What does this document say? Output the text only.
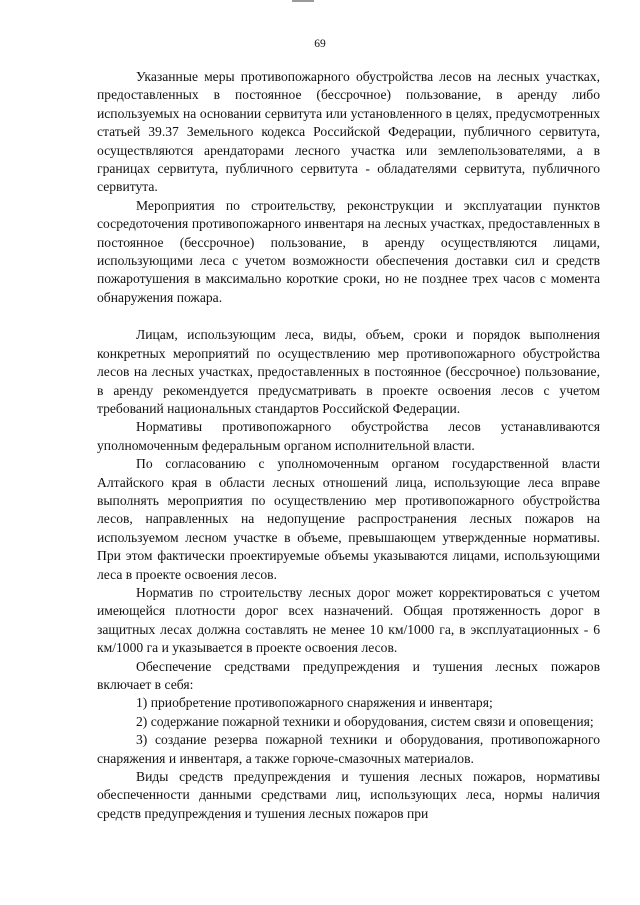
69

Указанные меры противопожарного обустройства лесов на лесных участках, предоставленных в постоянное (бессрочное) пользование, в аренду либо используемых на основании сервитута или установленного в целях, предусмотренных статьей 39.37 Земельного кодекса Российской Федерации, публичного сервитута, осуществляются арендаторами лесного участка или землепользователями, а в границах сервитута, публичного сервитута - обладателями сервитута, публичного сервитута.

Мероприятия по строительству, реконструкции и эксплуатации пунктов сосредоточения противопожарного инвентаря на лесных участках, предоставленных в постоянное (бессрочное) пользование, в аренду осуществляются лицами, использующими леса с учетом возможности обеспечения доставки сил и средств пожаротушения в максимально короткие сроки, но не позднее трех часов с момента обнаружения пожара.

Лицам, использующим леса, виды, объем, сроки и порядок выполнения конкретных мероприятий по осуществлению мер противопожарного обустройства лесов на лесных участках, предоставленных в постоянное (бессрочное) пользование, в аренду рекомендуется предусматривать в проекте освоения лесов с учетом требований национальных стандартов Российской Федерации.

Нормативы противопожарного обустройства лесов устанавливаются уполномоченным федеральным органом исполнительной власти.

По согласованию с уполномоченным органом государственной власти Алтайского края в области лесных отношений лица, использующие леса вправе выполнять мероприятия по осуществлению мер противопожарного обустройства лесов, направленных на недопущение распространения лесных пожаров на используемом лесном участке в объеме, превышающем утвержденные нормативы. При этом фактически проектируемые объемы указываются лицами, использующими леса в проекте освоения лесов.

Норматив по строительству лесных дорог может корректироваться с учетом имеющейся плотности дорог всех назначений. Общая протяженность дорог в защитных лесах должна составлять не менее 10 км/1000 га, в эксплуатационных - 6 км/1000 га и указывается в проекте освоения лесов.

Обеспечение средствами предупреждения и тушения лесных пожаров включает в себя:

1) приобретение противопожарного снаряжения и инвентаря;

2) содержание пожарной техники и оборудования, систем связи и оповещения;

3) создание резерва пожарной техники и оборудования, противопожарного снаряжения и инвентаря, а также горюче-смазочных материалов.

Виды средств предупреждения и тушения лесных пожаров, нормативы обеспеченности данными средствами лиц, использующих леса, нормы наличия средств предупреждения и тушения лесных пожаров при
